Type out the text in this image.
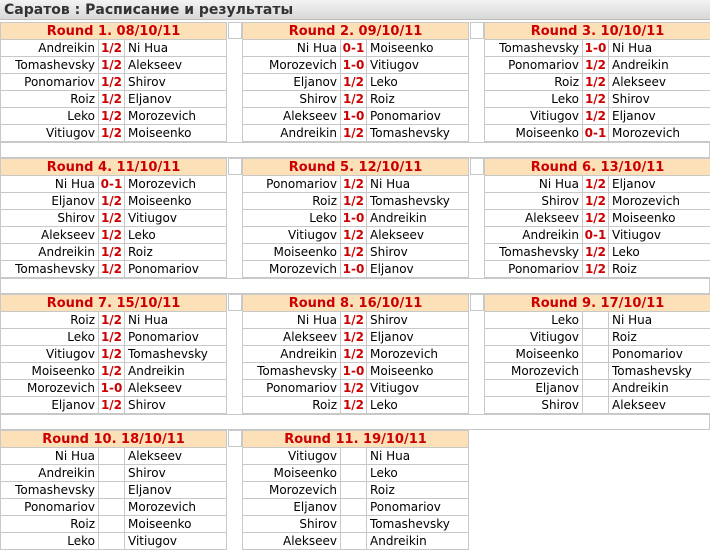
Саратов : Расписание и результаты
Round 1. 08/10/11		
Andreikin	1/2	Ni Hua
Tomashevsky	1/2	Alekseev
Ponomariov	1/2	Shirov
Roiz	1/2	Eljanov
Leko	1/2	Morozevich
Vitiugov	1/2	Moiseenko
Round 2. 09/10/11		
Ni Hua	0-1	Moiseenko
Morozevich	1-0	Vitiugov
Eljanov	1/2	Leko
Shirov	1/2	Roiz
Alekseev	1-0	Ponomariov
Andreikin	1/2	Tomashevsky
Round 3. 10/10/11		
Tomashevsky	1-0	Ni Hua
Ponomariov	1/2	Andreikin
Roiz	1/2	Alekseev
Leko	1/2	Shirov
Vitiugov	1/2	Eljanov
Moiseenko	0-1	Morozevich
Round 4. 11/10/11		
Ni Hua	0-1	Morozevich
Eljanov	1/2	Moiseenko
Shirov	1/2	Vitiugov
Alekseev	1/2	Leko
Andreikin	1/2	Roiz
Tomashevsky	1/2	Ponomariov
Round 5. 12/10/11		
Ponomariov	1/2	Ni Hua
Roiz	1/2	Tomashevsky
Leko	1-0	Andreikin
Vitiugov	1/2	Alekseev
Moiseenko	1/2	Shirov
Morozevich	1-0	Eljanov
Round 6. 13/10/11		
Ni Hua	1/2	Eljanov
Shirov	1/2	Morozevich
Alekseev	1/2	Moiseenko
Andreikin	0-1	Vitiugov
Tomashevsky	1/2	Leko
Ponomariov	1/2	Roiz
Round 7. 15/10/11		
Roiz	1/2	Ni Hua
Leko	1/2	Ponomariov
Vitiugov	1/2	Tomashevsky
Moiseenko	1/2	Andreikin
Morozevich	1-0	Alekseev
Eljanov	1/2	Shirov
Round 8. 16/10/11		
Ni Hua	1/2	Shirov
Alekseev	1/2	Eljanov
Andreikin	1/2	Morozevich
Tomashevsky	1-0	Moiseenko
Ponomariov	1/2	Vitiugov
Roiz	1/2	Leko
Round 9. 17/10/11		
Leko		Ni Hua
Vitiugov		Roiz
Moiseenko		Ponomariov
Morozevich		Tomashevsky
Eljanov		Andreikin
Shirov		Alekseev
Round 10. 18/10/11		
Ni Hua		Alekseev
Andreikin		Shirov
Tomashevsky		Eljanov
Ponomariov		Morozevich
Roiz		Moiseenko
Leko		Vitiugov
Round 11. 19/10/11		
Vitiugov		Ni Hua
Moiseenko		Leko
Morozevich		Roiz
Eljanov		Ponomariov
Shirov		Tomashevsky
Alekseev		Andreikin
